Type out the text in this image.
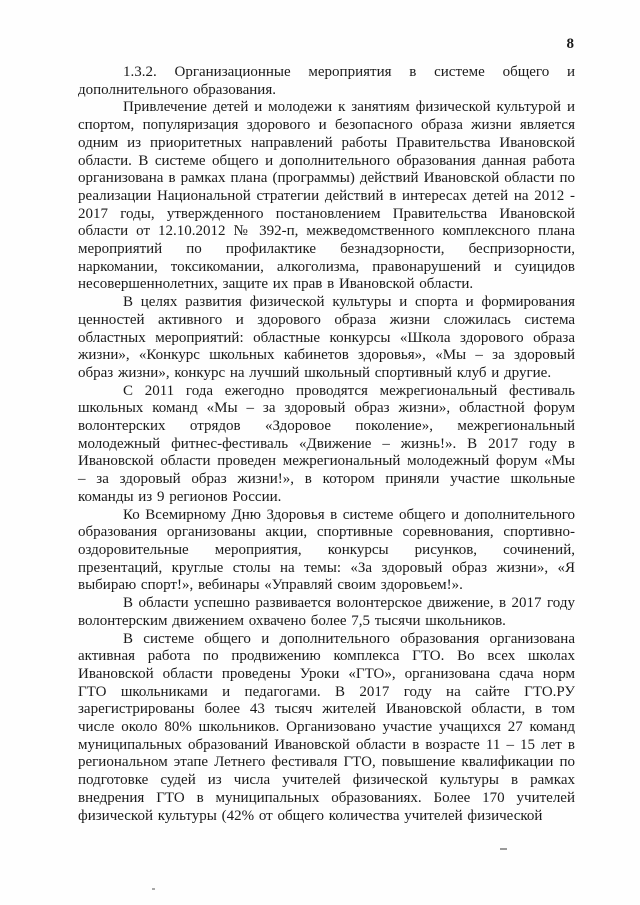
8

1.3.2. Организационные мероприятия в системе общего и дополнительного образования.

Привлечение детей и молодежи к занятиям физической культурой и спортом, популяризация здорового и безопасного образа жизни является одним из приоритетных направлений работы Правительства Ивановской области. В системе общего и дополнительного образования данная работа организована в рамках плана (программы) действий Ивановской области по реализации Национальной стратегии действий в интересах детей на 2012 - 2017 годы, утвержденного постановлением Правительства Ивановской области от 12.10.2012 № 392-п, межведомственного комплексного плана мероприятий по профилактике безнадзорности, беспризорности, наркомании, токсикомании, алкоголизма, правонарушений и суицидов несовершеннолетних, защите их прав в Ивановской области.

В целях развития физической культуры и спорта и формирования ценностей активного и здорового образа жизни сложилась система областных мероприятий: областные конкурсы «Школа здорового образа жизни», «Конкурс школьных кабинетов здоровья», «Мы – за здоровый образ жизни», конкурс на лучший школьный спортивный клуб и другие.

С 2011 года ежегодно проводятся межрегиональный фестиваль школьных команд «Мы – за здоровый образ жизни», областной форум волонтерских отрядов «Здоровое поколение», межрегиональный молодежный фитнес-фестиваль «Движение – жизнь!». В 2017 году в Ивановской области проведен межрегиональный молодежный форум «Мы – за здоровый образ жизни!», в котором приняли участие школьные команды из 9 регионов России.

Ко Всемирному Дню Здоровья в системе общего и дополнительного образования организованы акции, спортивные соревнования, спортивно-оздоровительные мероприятия, конкурсы рисунков, сочинений, презентаций, круглые столы на темы: «За здоровый образ жизни», «Я выбираю спорт!», вебинары «Управляй своим здоровьем!».

В области успешно развивается волонтерское движение, в 2017 году волонтерским движением охвачено более 7,5 тысячи школьников.

В системе общего и дополнительного образования организована активная работа по продвижению комплекса ГТО. Во всех школах Ивановской области проведены Уроки «ГТО», организована сдача норм ГТО школьниками и педагогами. В 2017 году на сайте ГТО.РУ зарегистрированы более 43 тысяч жителей Ивановской области, в том числе около 80% школьников. Организовано участие учащихся 27 команд муниципальных образований Ивановской области в возрасте 11 – 15 лет в региональном этапе Летнего фестиваля ГТО, повышение квалификации по подготовке судей из числа учителей физической культуры в рамках внедрения ГТО в муниципальных образованиях. Более 170 учителей физической культуры (42% от общего количества учителей физической
